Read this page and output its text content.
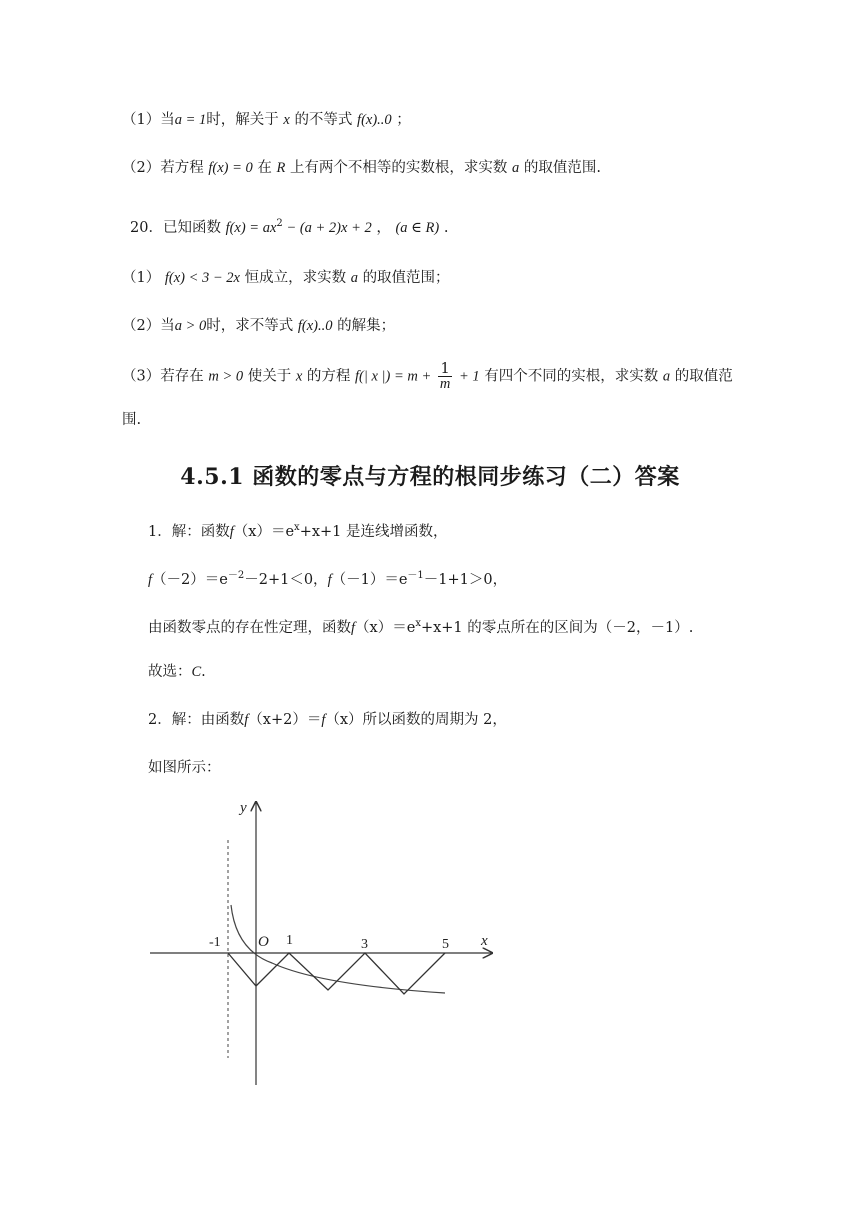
（1）当a = 1时，解关于 x 的不等式 f(x)..0 ；
（2）若方程 f(x) = 0 在 R 上有两个不相等的实数根，求实数 a 的取值范围.
20．已知函数 $f(x) = ax^2 - (a + 2)x + 2$ ， (a ∈ R) .
（1） f(x) < 3 − 2x 恒成立，求实数 a 的取值范围；
（2）当a > 0时，求不等式 f(x)..0 的解集；
（3）若存在 m > 0 使关于 x 的方程 f(| x |) = $m + \frac{1}{m} + 1$ 有四个不同的实根，求实数 a 的取值范
围.
4.5.1 函数的零点与方程的根同步练习（二）答案
1．解：函数$f(x)=e^x+x+1$ 是连线增函数，
$f(-2)=e^{-2}-2+1<0$，$f(-1)=e^{-1}-1+1>0$，
由函数零点的存在性定理，函数$f(x)=e^x+x+1$ 的零点所在的区间为（－2，－1）.
故选：C.
2．解：由函数f（x+2）＝f（x）所以函数的周期为 2，
如图所示：
y
x
O
-1	1	3	5
